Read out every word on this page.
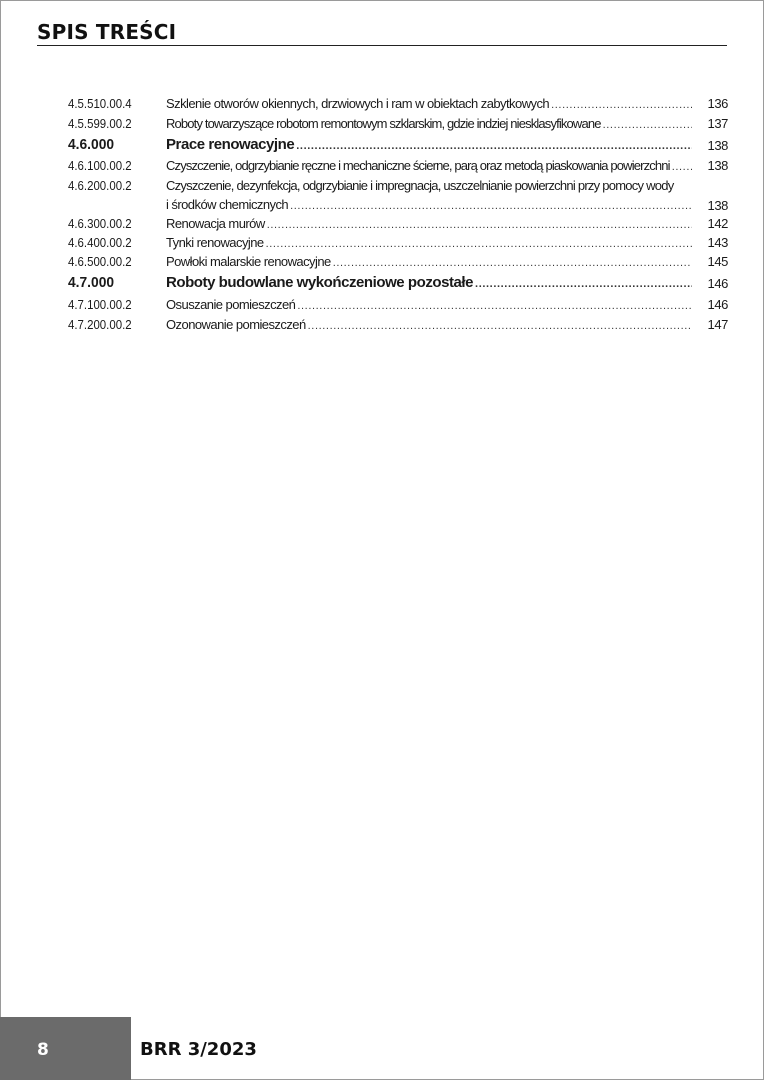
SPIS TREŚCI
4.5.510.00.4	Szklenie otworów okiennych, drzwiowych i ram w obiektach zabytkowych .....	136
4.5.599.00.2	Roboty towarzyszące robotom remontowym szklarskim, gdzie indziej niesklasyfikowane .....	137
4.6.000	Prace renowacyjne .....	138
4.6.100.00.2	Czyszczenie, odgrzybianie ręczne i mechaniczne ścierne, parą oraz metodą piaskowania powierzchni .....	138
4.6.200.00.2	Czyszczenie, dezynfekcja, odgrzybianie i impregnacja, uszczelnianie powierzchni przy pomocy wody
i środków chemicznych .....	138
4.6.300.00.2	Renowacja murów .....	142
4.6.400.00.2	Tynki renowacyjne .....	143
4.6.500.00.2	Powłoki malarskie renowacyjne .....	145
4.7.000	Roboty budowlane wykończeniowe pozostałe .....	146
4.7.100.00.2	Osuszanie pomieszczeń .....	146
4.7.200.00.2	Ozonowanie pomieszczeń .....	147
8	BRR 3/2023
